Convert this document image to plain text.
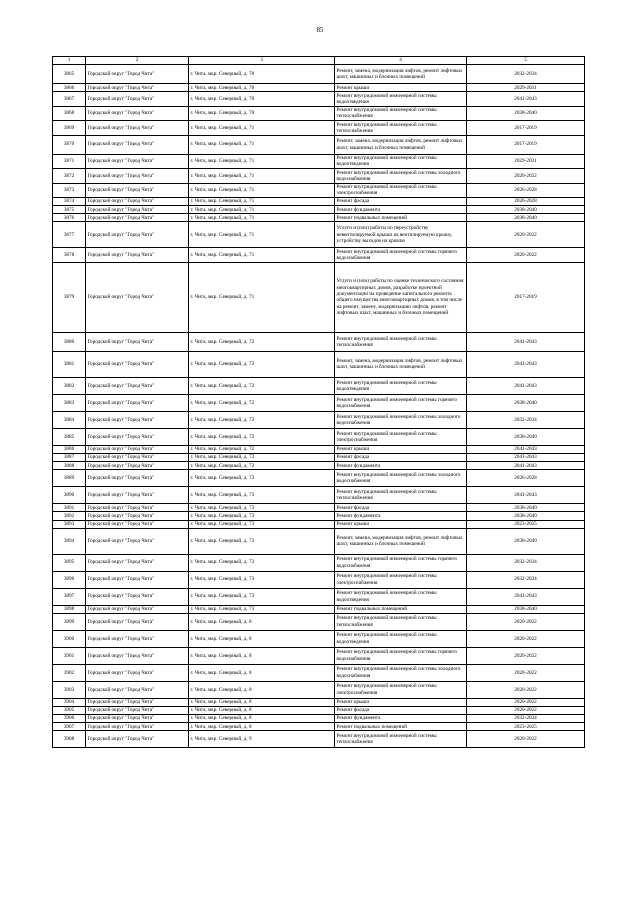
85
1	2	3	4	5
3865	Городской округ "Город Чита"	г. Чита, мкр. Северный, д. 70	Ремонт, замена, модернизация лифтов, ремонт лифтовых шахт, машинных и блочных помещений	2032-2034
3866	Городской округ "Город Чита"	г. Чита, мкр. Северный, д. 70	Ремонт крыши	2029-2031
3867	Городской округ "Город Чита"	г. Чита, мкр. Северный, д. 70	Ремонт внутридомовой инженерной системы водоотведения	2041-2043
3868	Городской округ "Город Чита"	г. Чита, мкр. Северный, д. 70	Ремонт внутридомовой инженерной системы теплоснабжения	2038-2040
3869	Городской округ "Город Чита"	г. Чита, мкр. Северный, д. 71	Ремонт внутридомовой инженерной системы теплоснабжения	2017-2019
3870	Городской округ "Город Чита"	г. Чита, мкр. Северный, д. 71	Ремонт, замена, модернизация лифтов, ремонт лифтовых шахт, машинных и блочных помещений	2017-2019
3871	Городской округ "Город Чита"	г. Чита, мкр. Северный, д. 71	Ремонт внутридомовой инженерной системы водоотведения	2029-2031
3872	Городской округ "Город Чита"	г. Чита, мкр. Северный, д. 71	Ремонт внутридомовой инженерной системы холодного водоснабжения	2020-2022
3873	Городской округ "Город Чита"	г. Чита, мкр. Северный, д. 71	Ремонт внутридомовой инженерной системы электроснабжения	2026-2028
3874	Городской округ "Город Чита"	г. Чита, мкр. Северный, д. 71	Ремонт фасада	2026-2028
3875	Городской округ "Город Чита"	г. Чита, мкр. Северный, д. 71	Ремонт фундамента	2038-2040
3876	Городской округ "Город Чита"	г. Чита, мкр. Северный, д. 71	Ремонт подвальных помещений	2038-2040
3877	Городской округ "Город Чита"	г. Чита, мкр. Северный, д. 71	Услуги и (или) работы по переустройству невентилируемой крыши на вентилируемую крышу, устройству выходов на кровлю	2020-2022
3878	Городской округ "Город Чита"	г. Чита, мкр. Северный, д. 71	Ремонт внутридомовой инженерной системы горячего водоснабжения	2020-2022
3879	Городской округ "Город Чита"	г. Чита, мкр. Северный, д. 71	Услуги и (или) работы по оценке технического состояния многоквартирных домов, разработке проектной документации на проведение капитального ремонта общего имущества многоквартирных домов, в том числе на ремонт, замену, модернизацию лифтов, ремонт лифтовых шахт, машинных и блочных помещений	2017-2019
3880	Городской округ "Город Чита"	г. Чита, мкр. Северный, д. 72	Ремонт внутридомовой инженерной системы теплоснабжения	2041-2043
3881	Городской округ "Город Чита"	г. Чита, мкр. Северный, д. 72	Ремонт, замена, модернизация лифтов, ремонт лифтовых шахт, машинных и блочных помещений	2041-2043
3882	Городской округ "Город Чита"	г. Чита, мкр. Северный, д. 72	Ремонт внутридомовой инженерной системы водоотведения	2041-2043
3883	Городской округ "Город Чита"	г. Чита, мкр. Северный, д. 72	Ремонт внутридомовой инженерной системы горячего водоснабжения	2038-2040
3884	Городской округ "Город Чита"	г. Чита, мкр. Северный, д. 72	Ремонт внутридомовой инженерной системы холодного водоснабжения	2032-2034
3885	Городской округ "Город Чита"	г. Чита, мкр. Северный, д. 72	Ремонт внутридомовой инженерной системы электроснабжения	2038-2040
3886	Городской округ "Город Чита"	г. Чита, мкр. Северный, д. 72	Ремонт крыши	2041-2043
3887	Городской округ "Город Чита"	г. Чита, мкр. Северный, д. 72	Ремонт фасада	2041-2043
3888	Городской округ "Город Чита"	г. Чита, мкр. Северный, д. 72	Ремонт фундамента	2041-2043
3889	Городской округ "Город Чита"	г. Чита, мкр. Северный, д. 73	Ремонт внутридомовой инженерной системы холодного водоснабжения	2026-2028
3890	Городской округ "Город Чита"	г. Чита, мкр. Северный, д. 73	Ремонт внутридомовой инженерной системы теплоснабжения	2041-2043
3891	Городской округ "Город Чита"	г. Чита, мкр. Северный, д. 73	Ремонт фасада	2038-2040
3892	Городской округ "Город Чита"	г. Чита, мкр. Северный, д. 73	Ремонт фундамента	2038-2040
3893	Городской округ "Город Чита"	г. Чита, мкр. Северный, д. 73	Ремонт крыши	2023-2025
3894	Городской округ "Город Чита"	г. Чита, мкр. Северный, д. 73	Ремонт, замена, модернизация лифтов, ремонт лифтовых шахт, машинных и блочных помещений	2038-2040
3895	Городской округ "Город Чита"	г. Чита, мкр. Северный, д. 73	Ремонт внутридомовой инженерной системы горячего водоснабжения	2032-2034
3896	Городской округ "Город Чита"	г. Чита, мкр. Северный, д. 73	Ремонт внутридомовой инженерной системы электроснабжения	2032-2034
3897	Городской округ "Город Чита"	г. Чита, мкр. Северный, д. 73	Ремонт внутридомовой инженерной системы водоотведения	2041-2043
3898	Городской округ "Город Чита"	г. Чита, мкр. Северный, д. 73	Ремонт подвальных помещений	2038-2040
3899	Городской округ "Город Чита"	г. Чита, мкр. Северный, д. 8	Ремонт внутридомовой инженерной системы теплоснабжения	2020-2022
3900	Городской округ "Город Чита"	г. Чита, мкр. Северный, д. 8	Ремонт внутридомовой инженерной системы водоотведения	2020-2022
3901	Городской округ "Город Чита"	г. Чита, мкр. Северный, д. 8	Ремонт внутридомовой инженерной системы горячего водоснабжения	2020-2022
3902	Городской округ "Город Чита"	г. Чита, мкр. Северный, д. 8	Ремонт внутридомовой инженерной системы холодного водоснабжения	2020-2022
3903	Городской округ "Город Чита"	г. Чита, мкр. Северный, д. 8	Ремонт внутридомовой инженерной системы электроснабжения	2020-2022
3904	Городской округ "Город Чита"	г. Чита, мкр. Северный, д. 8	Ремонт крыши	2020-2022
3905	Городской округ "Город Чита"	г. Чита, мкр. Северный, д. 8	Ремонт фасада	2020-2022
3906	Городской округ "Город Чита"	г. Чита, мкр. Северный, д. 8	Ремонт фундамента	2032-2034
3907	Городской округ "Город Чита"	г. Чита, мкр. Северный, д. 8	Ремонт подвальных помещений	2023-2025
3908	Городской округ "Город Чита"	г. Чита, мкр. Северный, д. 9	Ремонт внутридомовой инженерной системы теплоснабжения	2020-2022
